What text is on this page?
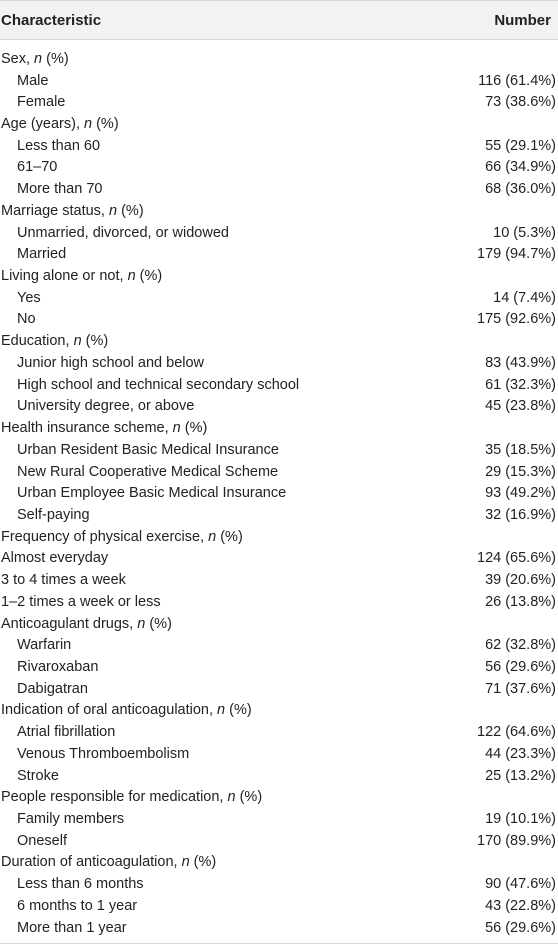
Characteristic	Number
Sex, n (%)
Male	116 (61.4%)
Female	73 (38.6%)
Age (years), n (%)
Less than 60	55 (29.1%)
61–70	66 (34.9%)
More than 70	68 (36.0%)
Marriage status, n (%)
Unmarried, divorced, or widowed	10 (5.3%)
Married	179 (94.7%)
Living alone or not, n (%)
Yes	14 (7.4%)
No	175 (92.6%)
Education, n (%)
Junior high school and below	83 (43.9%)
High school and technical secondary school	61 (32.3%)
University degree, or above	45 (23.8%)
Health insurance scheme, n (%)
Urban Resident Basic Medical Insurance	35 (18.5%)
New Rural Cooperative Medical Scheme	29 (15.3%)
Urban Employee Basic Medical Insurance	93 (49.2%)
Self-paying	32 (16.9%)
Frequency of physical exercise, n (%)
Almost everyday	124 (65.6%)
3 to 4 times a week	39 (20.6%)
1–2 times a week or less	26 (13.8%)
Anticoagulant drugs, n (%)
Warfarin	62 (32.8%)
Rivaroxaban	56 (29.6%)
Dabigatran	71 (37.6%)
Indication of oral anticoagulation, n (%)
Atrial fibrillation	122 (64.6%)
Venous Thromboembolism	44 (23.3%)
Stroke	25 (13.2%)
People responsible for medication, n (%)
Family members	19 (10.1%)
Oneself	170 (89.9%)
Duration of anticoagulation, n (%)
Less than 6 months	90 (47.6%)
6 months to 1 year	43 (22.8%)
More than 1 year	56 (29.6%)
